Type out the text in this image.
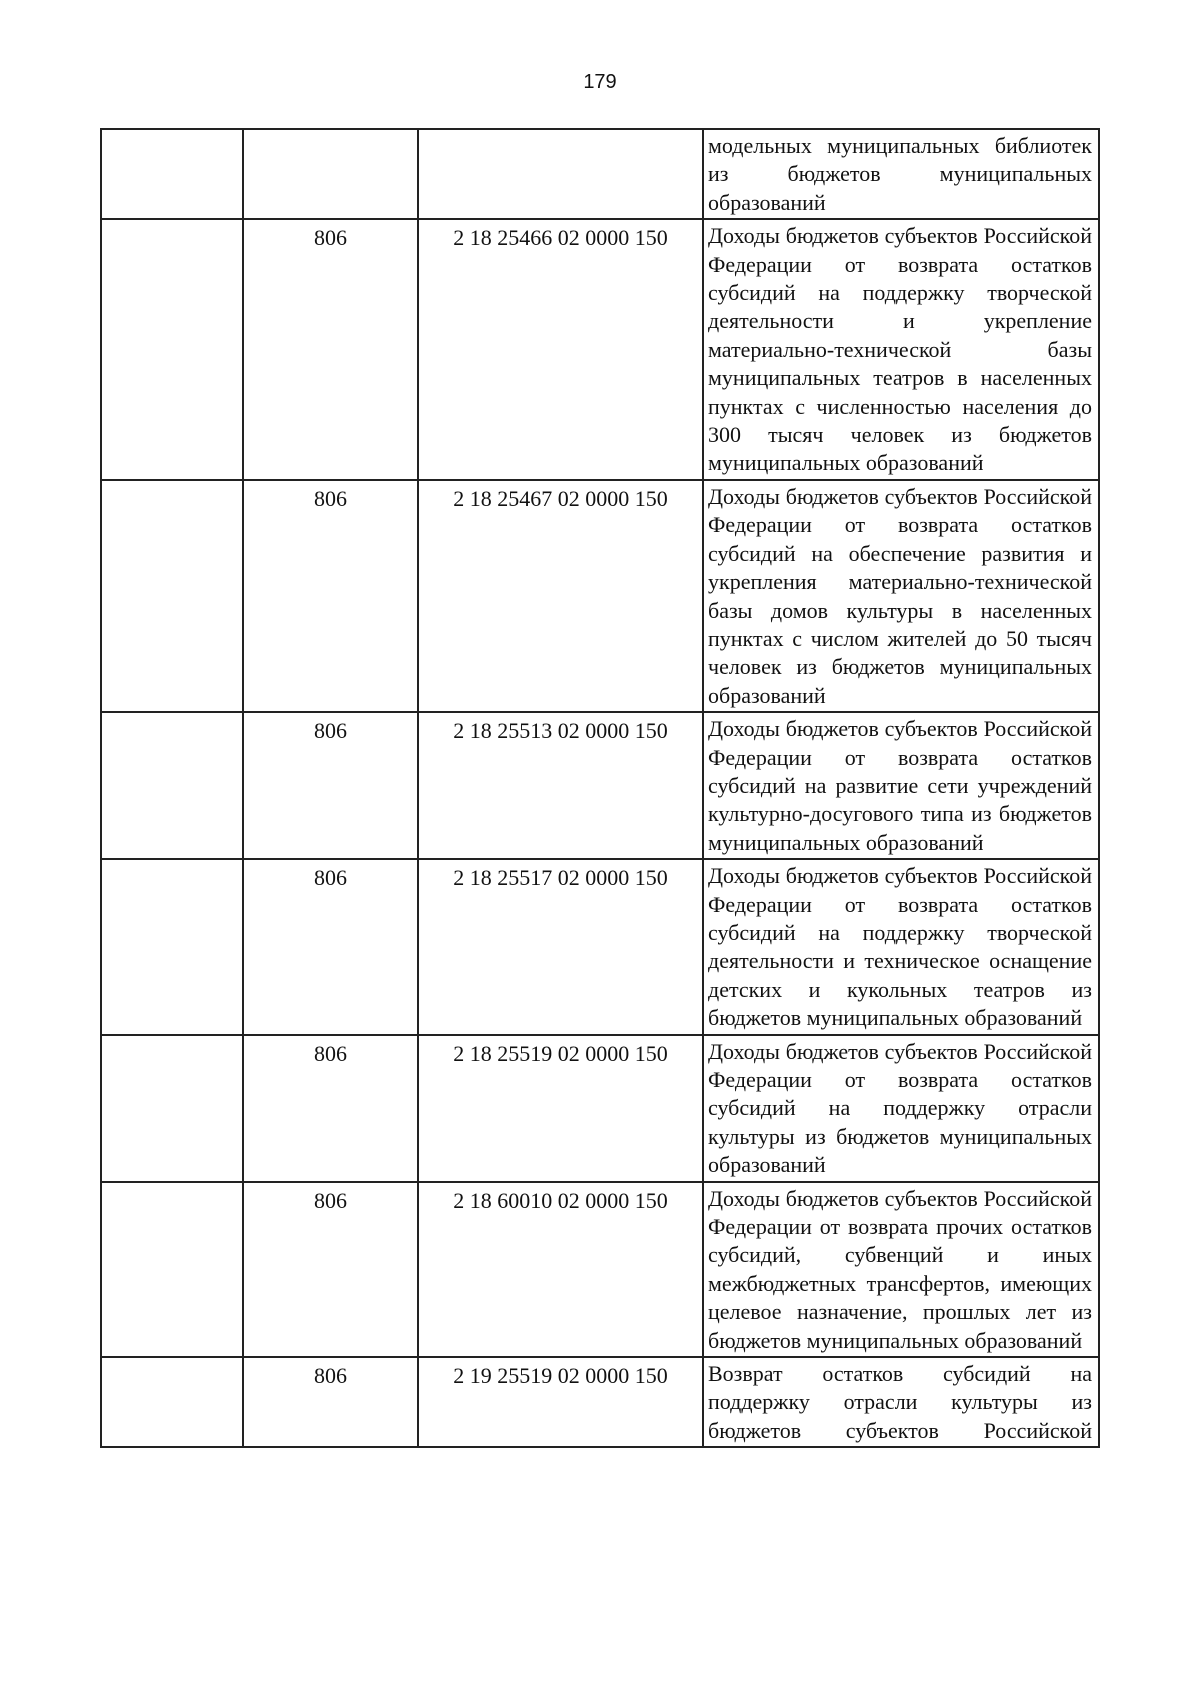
179
			модельных муниципальных библиотек из бюджетов муниципальных образований
	806	2 18 25466 02 0000 150	Доходы бюджетов субъектов Российской Федерации от возврата остатков субсидий на поддержку творческой деятельности и укрепление материально-технической базы муниципальных театров в населенных пунктах с численностью населения до 300 тысяч человек из бюджетов муниципальных образований
	806	2 18 25467 02 0000 150	Доходы бюджетов субъектов Российской Федерации от возврата остатков субсидий на обеспечение развития и укрепления материально-технической базы домов культуры в населенных пунктах с числом жителей до 50 тысяч человек из бюджетов муниципальных образований
	806	2 18 25513 02 0000 150	Доходы бюджетов субъектов Российской Федерации от возврата остатков субсидий на развитие сети учреждений культурно-досугового типа из бюджетов муниципальных образований
	806	2 18 25517 02 0000 150	Доходы бюджетов субъектов Российской Федерации от возврата остатков субсидий на поддержку творческой деятельности и техническое оснащение детских и кукольных театров из бюджетов муниципальных образований
	806	2 18 25519 02 0000 150	Доходы бюджетов субъектов Российской Федерации от возврата остатков субсидий на поддержку отрасли культуры из бюджетов муниципальных образований
	806	2 18 60010 02 0000 150	Доходы бюджетов субъектов Российской Федерации от возврата прочих остатков субсидий, субвенций и иных межбюджетных трансфертов, имеющих целевое назначение, прошлых лет из бюджетов муниципальных образований
	806	2 19 25519 02 0000 150	Возврат остатков субсидий на поддержку отрасли культуры из бюджетов субъектов Российской
